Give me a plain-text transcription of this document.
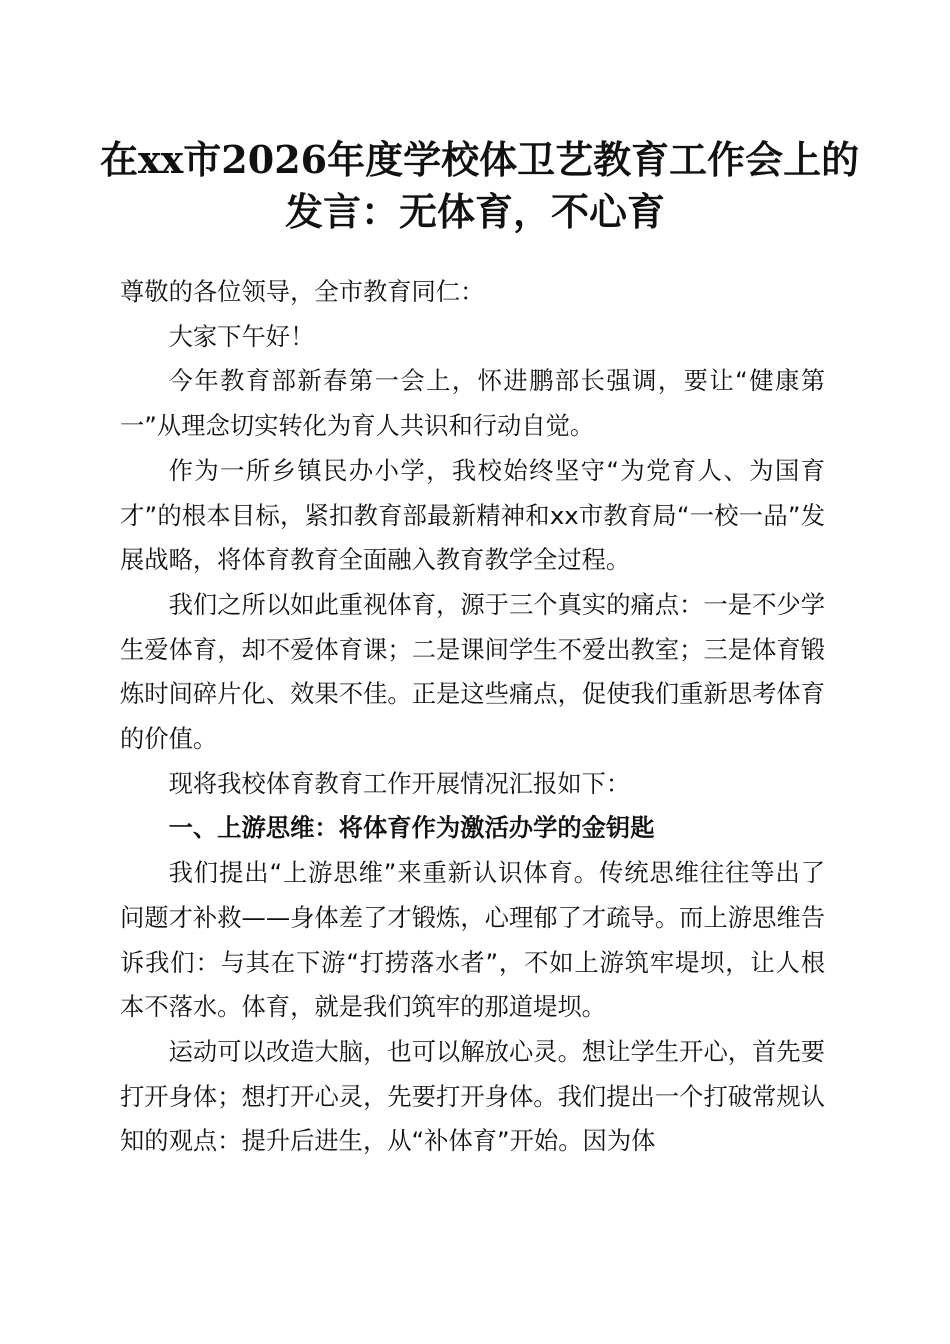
在xx市2026年度学校体卫艺教育工作会上的
发言：无体育，不心育

尊敬的各位领导，全市教育同仁：

大家下午好！

今年教育部新春第一会上，怀进鹏部长强调，要让“健康第一”从理念切实转化为育人共识和行动自觉。

作为一所乡镇民办小学，我校始终坚守“为党育人、为国育才”的根本目标，紧扣教育部最新精神和xx市教育局“一校一品”发展战略，将体育教育全面融入教育教学全过程。

我们之所以如此重视体育，源于三个真实的痛点：一是不少学生爱体育，却不爱体育课；二是课间学生不爱出教室；三是体育锻炼时间碎片化、效果不佳。正是这些痛点，促使我们重新思考体育的价值。

现将我校体育教育工作开展情况汇报如下：

一、上游思维：将体育作为激活办学的金钥匙

我们提出“上游思维”来重新认识体育。传统思维往往等出了问题才补救——身体差了才锻炼，心理郁了才疏导。而上游思维告诉我们：与其在下游“打捞落水者”，不如上游筑牢堤坝，让人根本不落水。体育，就是我们筑牢的那道堤坝。

运动可以改造大脑，也可以解放心灵。想让学生开心，首先要打开身体；想打开心灵，先要打开身体。我们提出一个打破常规认知的观点：提升后进生，从“补体育”开始。因为体
